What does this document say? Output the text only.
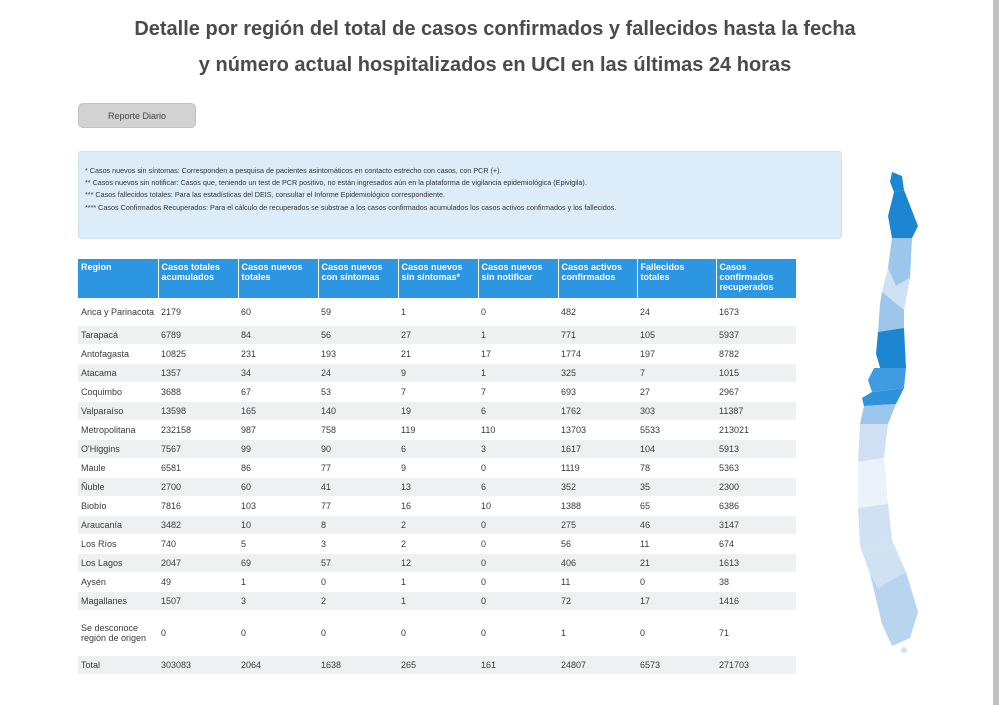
Detalle por región del total de casos confirmados y fallecidos hasta la fecha
y número actual hospitalizados en UCI en las últimas 24 horas
Reporte Diario
* Casos nuevos sin síntomas: Corresponden a pesquisa de pacientes asintomáticos en contacto estrecho con casos, con PCR (+).
** Casos nuevos sin notificar: Casos que, teniendo un test de PCR positivo, no están ingresados aún en la plataforma de vigilancia epidemiológica (Epivigila).
*** Casos fallecidos totales: Para las estadísticas del DEIS, consultar el Informe Epidemiológico correspondiente.
**** Casos Confirmados Recuperados: Para el cálculo de recuperados se substrae a los casos confirmados acumulados los casos activos confirmados y los fallecidos.
Region	Casos totales acumulados	Casos nuevos totales	Casos nuevos con síntomas	Casos nuevos sin síntomas*	Casos nuevos sin notificar	Casos activos confirmados	Fallecidos totales	Casos confirmados recuperados
Arica y Parinacota	2179	60	59	1	0	482	24	1673
Tarapacá	6789	84	56	27	1	771	105	5937
Antofagasta	10825	231	193	21	17	1774	197	8782
Atacama	1357	34	24	9	1	325	7	1015
Coquimbo	3688	67	53	7	7	693	27	2967
Valparaíso	13598	165	140	19	6	1762	303	11387
Metropolitana	232158	987	758	119	110	13703	5533	213021
O'Higgins	7567	99	90	6	3	1617	104	5913
Maule	6581	86	77	9	0	1119	78	5363
Ñuble	2700	60	41	13	6	352	35	2300
Biobío	7816	103	77	16	10	1388	65	6386
Araucanía	3482	10	8	2	0	275	46	3147
Los Ríos	740	5	3	2	0	56	11	674
Los Lagos	2047	69	57	12	0	406	21	1613
Aysén	49	1	0	1	0	11	0	38
Magallanes	1507	3	2	1	0	72	17	1416
Se desconoce región de origen	0	0	0	0	0	1	0	71
Total	303083	2064	1638	265	161	24807	6573	271703
